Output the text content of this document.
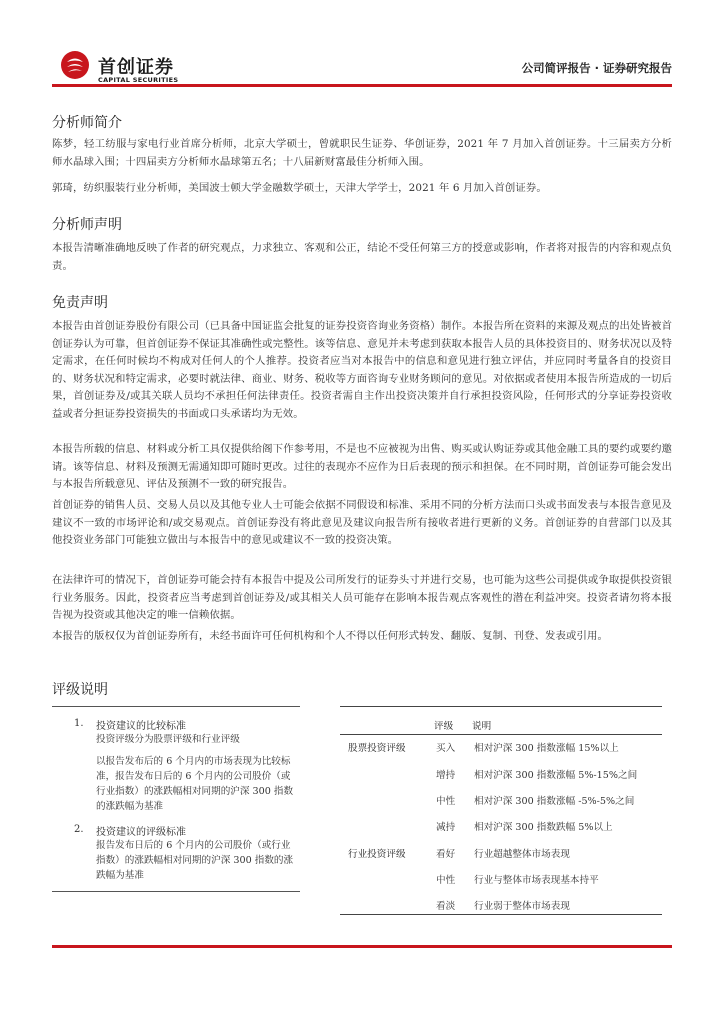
首创证券
CAPITAL SECURITIES
公司简评报告 · 证券研究报告
分析师简介
陈梦，轻工纺服与家电行业首席分析师，北京大学硕士，曾就职民生证券、华创证券，2021 年 7 月加入首创证券。十三届卖方分析师水晶球入围；十四届卖方分析师水晶球第五名；十八届新财富最佳分析师入围。
郭琦，纺织服装行业分析师，美国波士顿大学金融数学硕士，天津大学学士，2021 年 6 月加入首创证券。
分析师声明
本报告清晰准确地反映了作者的研究观点，力求独立、客观和公正，结论不受任何第三方的授意或影响，作者将对报告的内容和观点负责。
免责声明
本报告由首创证券股份有限公司（已具备中国证监会批复的证券投资咨询业务资格）制作。本报告所在资料的来源及观点的出处皆被首创证券认为可靠，但首创证券不保证其准确性或完整性。该等信息、意见并未考虑到获取本报告人员的具体投资目的、财务状况以及特定需求，在任何时候均不构成对任何人的个人推荐。投资者应当对本报告中的信息和意见进行独立评估，并应同时考量各自的投资目的、财务状况和特定需求，必要时就法律、商业、财务、税收等方面咨询专业财务顾问的意见。对依据或者使用本报告所造成的一切后果，首创证券及/或其关联人员均不承担任何法律责任。投资者需自主作出投资决策并自行承担投资风险，任何形式的分享证券投资收益或者分担证券投资损失的书面或口头承诺均为无效。
本报告所载的信息、材料或分析工具仅提供给阁下作参考用，不是也不应被视为出售、购买或认购证券或其他金融工具的要约或要约邀请。该等信息、材料及预测无需通知即可随时更改。过往的表现亦不应作为日后表现的预示和担保。在不同时期，首创证券可能会发出与本报告所载意见、评估及预测不一致的研究报告。
首创证券的销售人员、交易人员以及其他专业人士可能会依据不同假设和标准、采用不同的分析方法而口头或书面发表与本报告意见及建议不一致的市场评论和/或交易观点。首创证券没有将此意见及建议向报告所有接收者进行更新的义务。首创证券的自营部门以及其他投资业务部门可能独立做出与本报告中的意见或建议不一致的投资决策。
在法律许可的情况下，首创证券可能会持有本报告中提及公司所发行的证券头寸并进行交易，也可能为这些公司提供或争取提供投资银行业务服务。因此，投资者应当考虑到首创证券及/或其相关人员可能存在影响本报告观点客观性的潜在利益冲突。投资者请勿将本报告视为投资或其他决定的唯一信赖依据。
本报告的版权仅为首创证券所有，未经书面许可任何机构和个人不得以任何形式转发、翻版、复制、刊登、发表或引用。
评级说明
1. 投资建议的比较标准
投资评级分为股票评级和行业评级
以报告发布后的 6 个月内的市场表现为比较标准，报告发布日后的 6 个月内的公司股价（或行业指数）的涨跌幅相对同期的沪深 300 指数的涨跌幅为基准
2. 投资建议的评级标准
报告发布日后的 6 个月内的公司股价（或行业指数）的涨跌幅相对同期的沪深 300 指数的涨跌幅为基准
评级 说明
股票投资评级	买入 相对沪深 300 指数涨幅 15%以上
增持 相对沪深 300 指数涨幅 5%-15%之间
中性 相对沪深 300 指数涨幅 -5%-5%之间
减持 相对沪深 300 指数跌幅 5%以上
行业投资评级	看好 行业超越整体市场表现
中性 行业与整体市场表现基本持平
看淡 行业弱于整体市场表现
